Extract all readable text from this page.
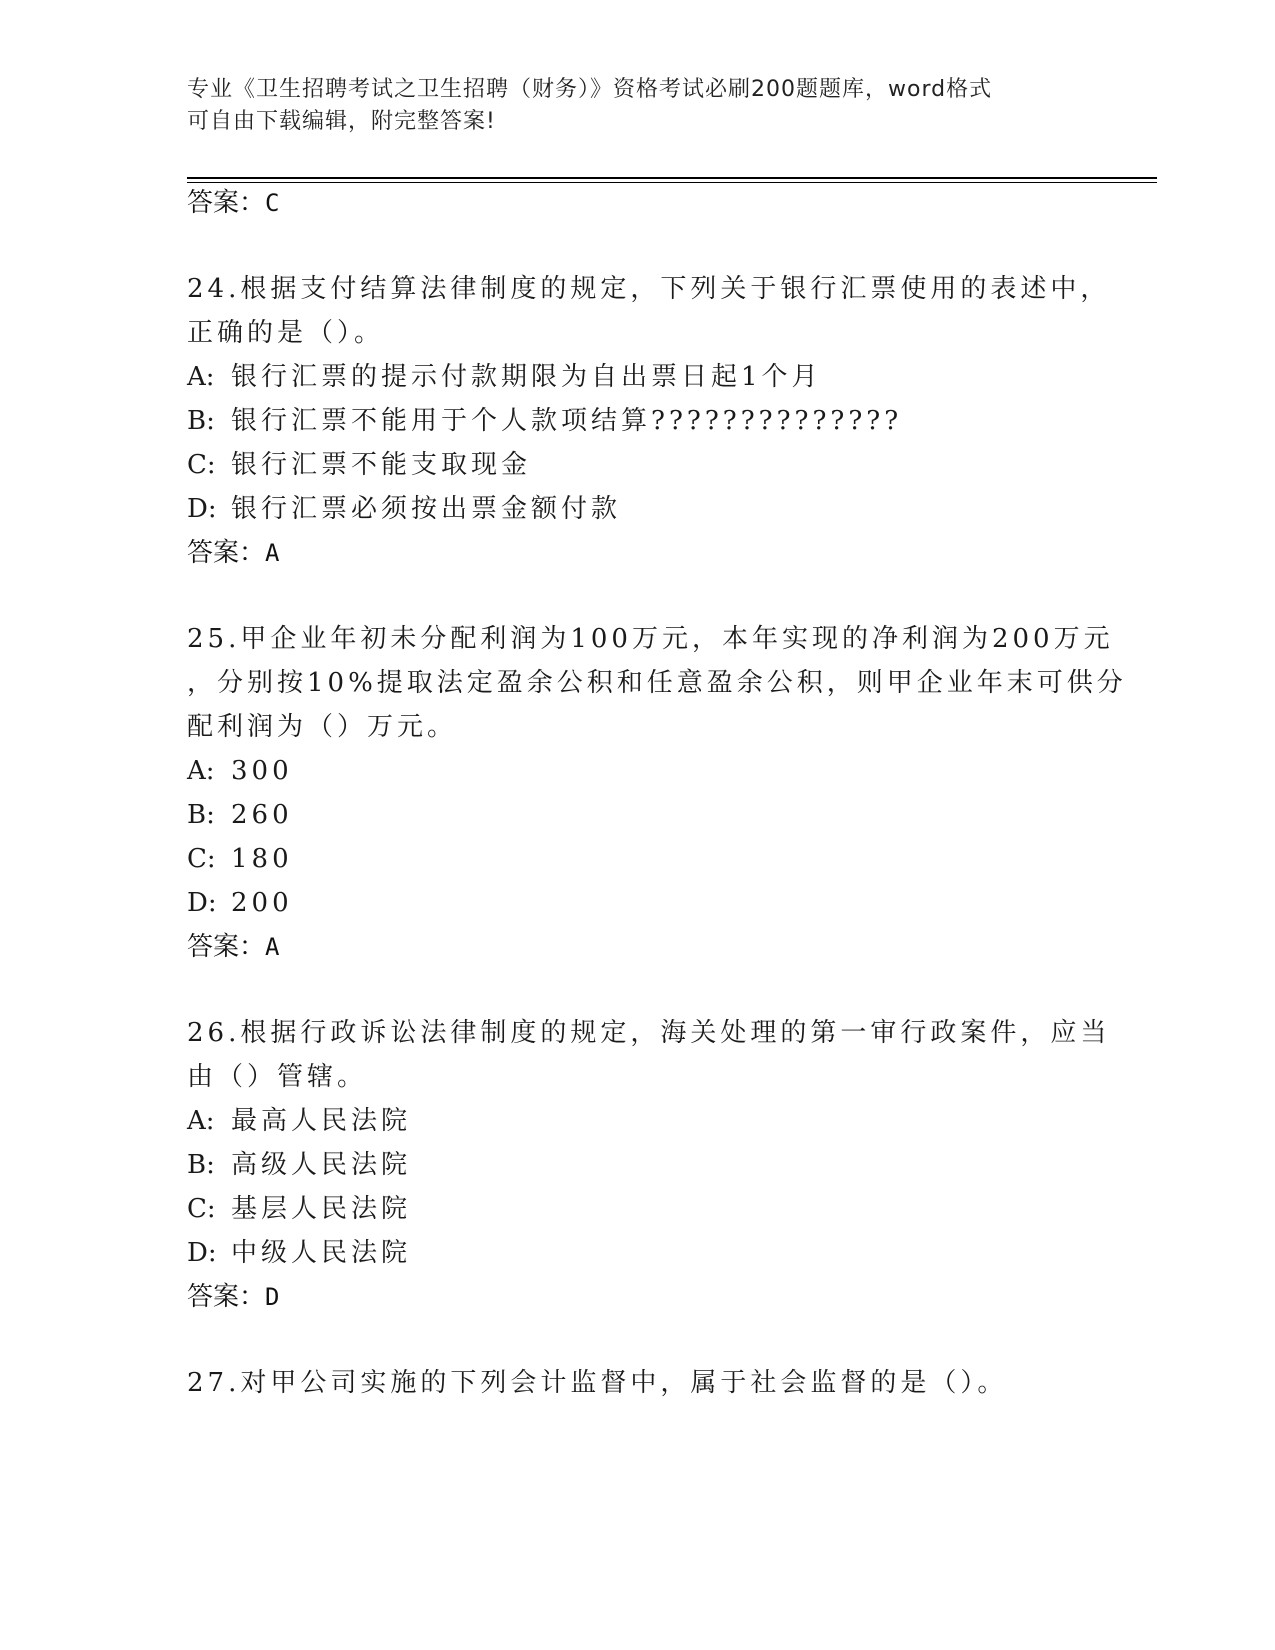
专业《卫生招聘考试之卫生招聘（财务）》资格考试必刷200题题库，word格式
可自由下载编辑，附完整答案!
答案：C
24.根据支付结算法律制度的规定，下列关于银行汇票使用的表述中，
正确的是（）。
A: 银行汇票的提示付款期限为自出票日起1个月
B: 银行汇票不能用于个人款项结算??????????????
C: 银行汇票不能支取现金
D: 银行汇票必须按出票金额付款
答案：A
25.甲企业年初未分配利润为100万元，本年实现的净利润为200万元
，分别按10%提取法定盈余公积和任意盈余公积，则甲企业年末可供分
配利润为（）万元。
A: 300
B: 260
C: 180
D: 200
答案：A
26.根据行政诉讼法律制度的规定，海关处理的第一审行政案件，应当
由（）管辖。
A: 最高人民法院
B: 高级人民法院
C: 基层人民法院
D: 中级人民法院
答案：D
27.对甲公司实施的下列会计监督中，属于社会监督的是（）。
